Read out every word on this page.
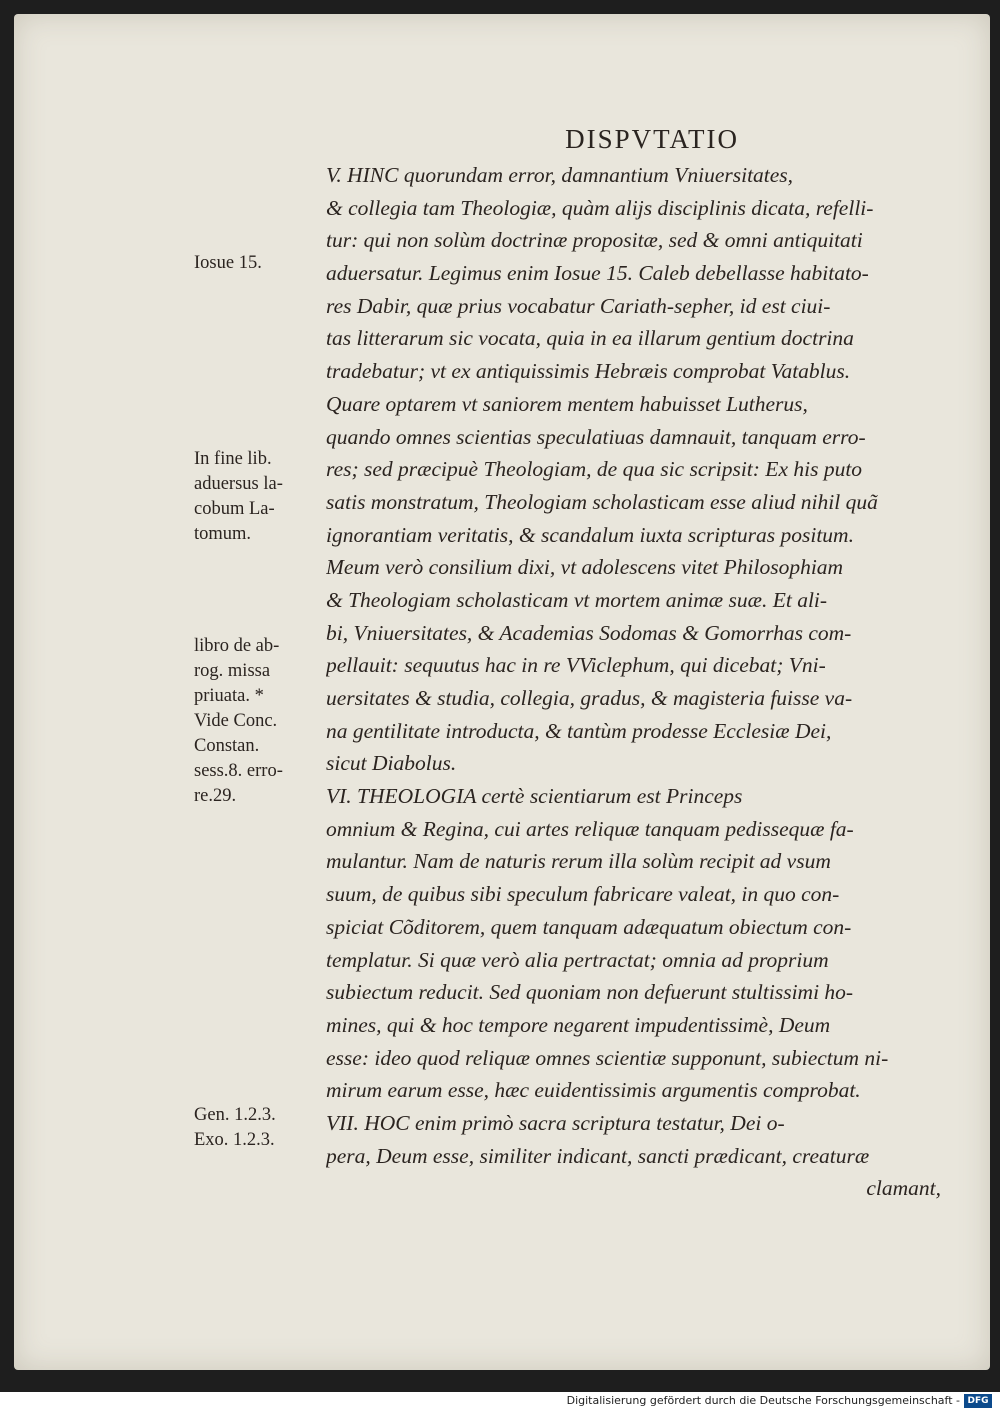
DISPVTATIO
V. HINC quorundam error, damnantium Vniuersitates,
& collegia tam Theologiæ, quàm alijs disciplinis dicata, refelli-
tur: qui non solùm doctrinæ propositæ, sed & omni antiquitati
aduersatur. Legimus enim Iosue 15. Caleb debellasse habitato-
res Dabir, quæ prius vocabatur Cariath-sepher, id est ciui-
tas litterarum sic vocata, quia in ea illarum gentium doctrina
tradebatur; vt ex antiquissimis Hebræis comprobat Vatablus.
Quare optarem vt saniorem mentem habuisset Lutherus,
quando omnes scientias speculatiuas damnauit, tanquam erro-
res; sed præcipuè Theologiam, de qua sic scripsit: Ex his puto
satis monstratum, Theologiam scholasticam esse aliud nihil quã
ignorantiam veritatis, & scandalum iuxta scripturas positum.
Meum verò consilium dixi, vt adolescens vitet Philosophiam
& Theologiam scholasticam vt mortem animæ suæ. Et ali-
bi, Vniuersitates, & Academias Sodomas & Gomorrhas com-
pellauit: sequutus hac in re VViclephum, qui dicebat; Vni-
uersitates & studia, collegia, gradus, & magisteria fuisse va-
na gentilitate introducta, & tantùm prodesse Ecclesiæ Dei,
sicut Diabolus.
VI. THEOLOGIA certè scientiarum est Princeps
omnium & Regina, cui artes reliquæ tanquam pedissequæ fa-
mulantur. Nam de naturis rerum illa solùm recipit ad vsum
suum, de quibus sibi speculum fabricare valeat, in quo con-
spiciat Cõditorem, quem tanquam adæquatum obiectum con-
templatur. Si quæ verò alia pertractat; omnia ad proprium
subiectum reducit. Sed quoniam non defuerunt stultissimi ho-
mines, qui & hoc tempore negarent impudentissimè, Deum
esse: ideo quod reliquæ omnes scientiæ supponunt, subiectum ni-
mirum earum esse, hæc euidentissimis argumentis comprobat.
VII. HOC enim primò sacra scriptura testatur, Dei o-
pera, Deum esse, similiter indicant, sancti prædicant, creaturæ
clamant,
Iosue 15.
In fine lib.
aduersus la-
cobum La-
tomum.
libro de ab-
rog. missa
priuata. *
Vide Conc.
Constan.
sess.8. erro-
re.29.
Gen. 1.2.3.
Exo. 1.2.3.
Digitalisierung gefördert durch die Deutsche Forschungsgemeinschaft - DFG
